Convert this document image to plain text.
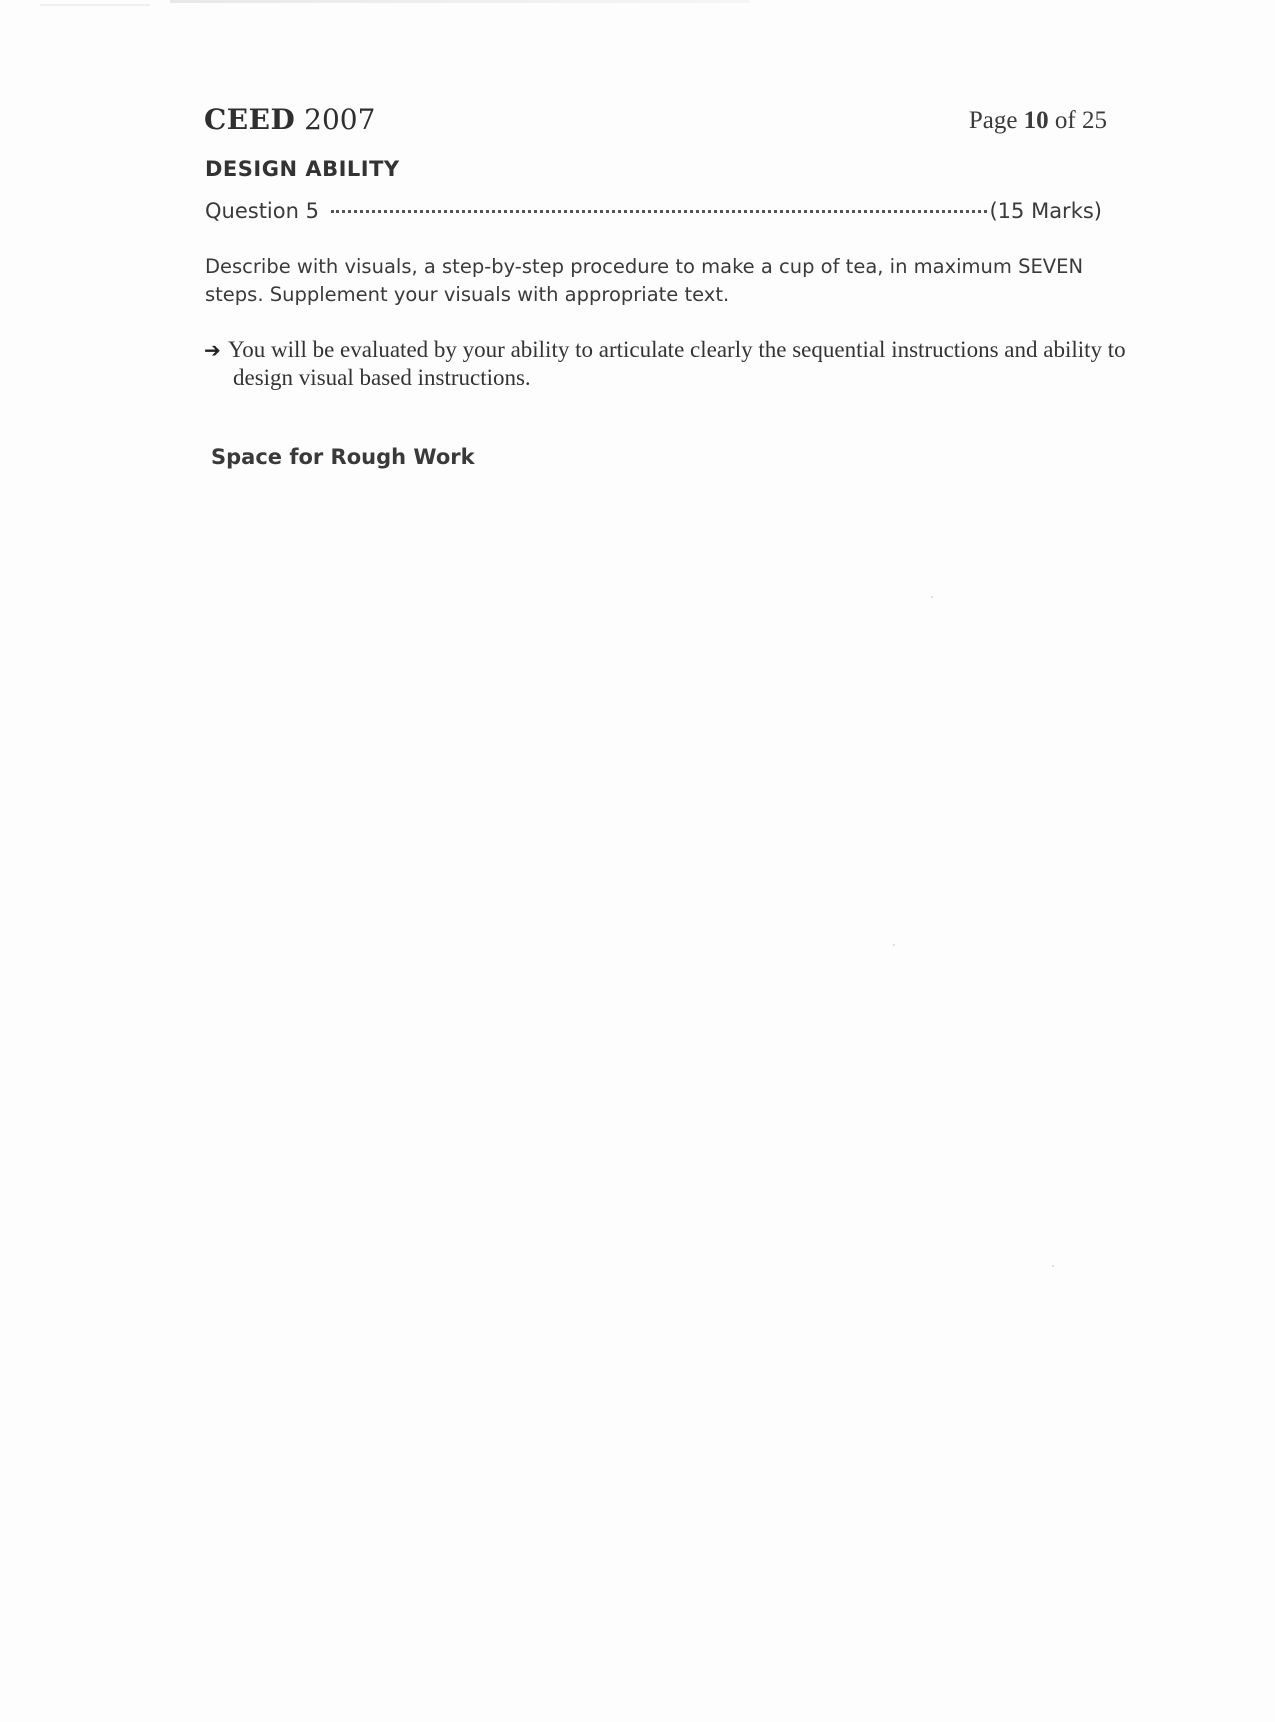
CEED 2007	Page 10 of 25
DESIGN ABILITY
Question 5	(15 Marks)

Describe with visuals, a step-by-step procedure to make a cup of tea, in maximum SEVEN steps. Supplement your visuals with appropriate text.

➔ You will be evaluated by your ability to articulate clearly the sequential instructions and ability to design visual based instructions.

Space for Rough Work
